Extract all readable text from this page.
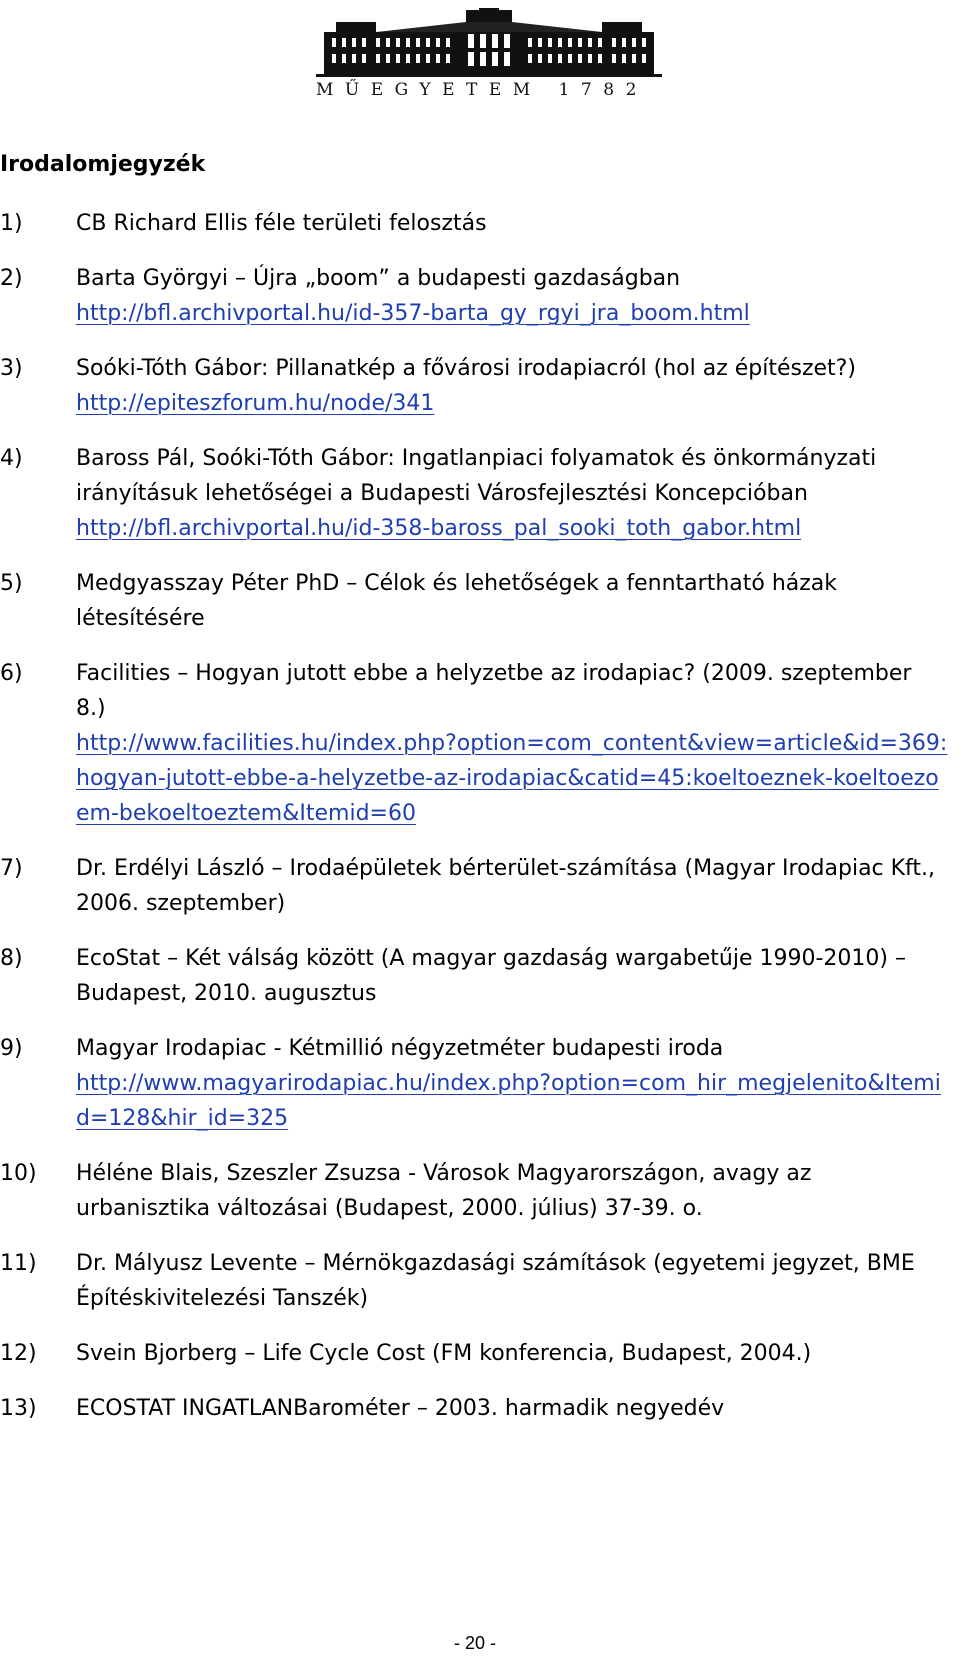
MŰEGYETEM 1782
Irodalomjegyzék
1) CB Richard Ellis féle területi felosztás
2) Barta Györgyi – Újra „boom” a budapesti gazdaságban
http://bfl.archivportal.hu/id-357-barta_gy_rgyi_jra_boom.html
3) Soóki-Tóth Gábor: Pillanatkép a fővárosi irodapiacról (hol az építészet?)
http://epiteszforum.hu/node/341
4) Baross Pál, Soóki-Tóth Gábor: Ingatlanpiaci folyamatok és önkormányzati irányításuk lehetőségei a Budapesti Városfejlesztési Koncepcióban
http://bfl.archivportal.hu/id-358-baross_pal_sooki_toth_gabor.html
5) Medgyasszay Péter PhD – Célok és lehetőségek a fenntartható házak létesítésére
6) Facilities – Hogyan jutott ebbe a helyzetbe az irodapiac? (2009. szeptember 8.)
http://www.facilities.hu/index.php?option=com_content&view=article&id=369:hogyan-jutott-ebbe-a-helyzetbe-az-irodapiac&catid=45:koeltoeznek-koeltoezoem-bekoeltoeztem&Itemid=60
7) Dr. Erdélyi László – Irodaépületek bérterület-számítása (Magyar Irodapiac Kft., 2006. szeptember)
8) EcoStat – Két válság között (A magyar gazdaság wargabetűje 1990-2010) – Budapest, 2010. augusztus
9) Magyar Irodapiac - Kétmillió négyzetméter budapesti iroda
http://www.magyarirodapiac.hu/index.php?option=com_hir_megjelenito&Itemid=128&hir_id=325
10) Héléne Blais, Szeszler Zsuzsa - Városok Magyarországon, avagy az urbanisztika változásai (Budapest, 2000. július) 37-39. o.
11) Dr. Mályusz Levente – Mérnökgazdasági számítások (egyetemi jegyzet, BME Építéskivitelezési Tanszék)
12) Svein Bjorberg – Life Cycle Cost (FM konferencia, Budapest, 2004.)
13) ECOSTAT INGATLANBarométer – 2003. harmadik negyedév
- 20 -
